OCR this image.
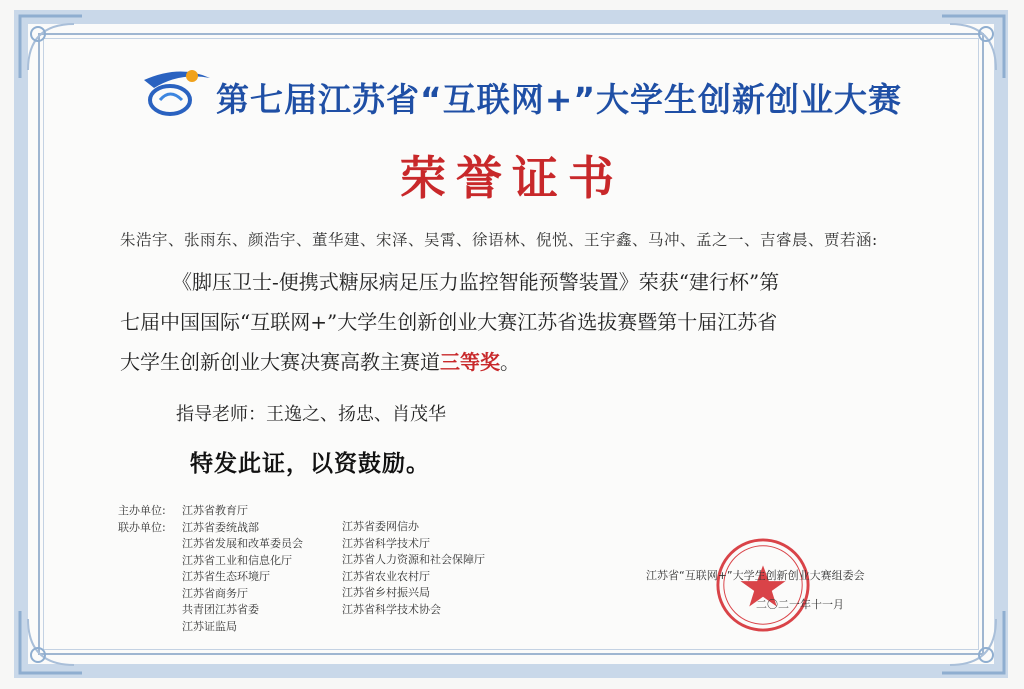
第七届江苏省“互联网+”大学生创新创业大赛
荣誉证书
朱浩宇、张雨东、颜浩宇、董华建、宋泽、吴霄、徐语林、倪悦、王宇鑫、马冲、孟之一、吉睿晨、贾若涵:
《脚压卫士-便携式糖尿病足压力监控智能预警装置》荣获“建行杯”第
七届中国国际“互联网+”大学生创新创业大赛江苏省选拔赛暨第十届江苏省
大学生创新创业大赛决赛高教主赛道三等奖。
指导老师：王逸之、扬忠、肖茂华
特发此证，以资鼓励。
主办单位:
联办单位:
江苏省教育厅
江苏省委统战部
江苏省发展和改革委员会
江苏省工业和信息化厅
江苏省生态环境厅
江苏省商务厅
共青团江苏省委
江苏证监局
江苏省委网信办
江苏省科学技术厅
江苏省人力资源和社会保障厅
江苏省农业农村厅
江苏省乡村振兴局
江苏省科学技术协会
江苏省“互联网+”大学生创新创业大赛组委会
二〇二一年十一月
